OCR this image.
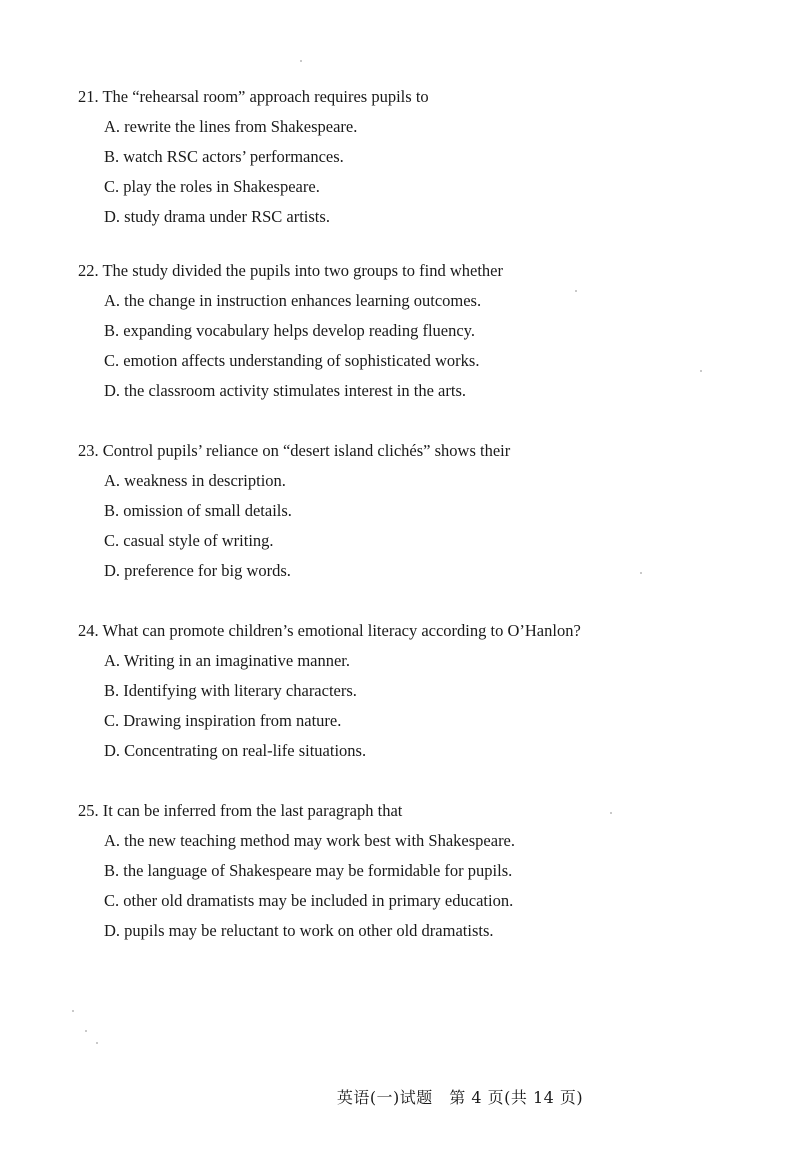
21. The “rehearsal room” approach requires pupils to
A. rewrite the lines from Shakespeare.
B. watch RSC actors’ performances.
C. play the roles in Shakespeare.
D. study drama under RSC artists.
22. The study divided the pupils into two groups to find whether
A. the change in instruction enhances learning outcomes.
B. expanding vocabulary helps develop reading fluency.
C. emotion affects understanding of sophisticated works.
D. the classroom activity stimulates interest in the arts.
23. Control pupils’ reliance on “desert island clichés” shows their
A. weakness in description.
B. omission of small details.
C. casual style of writing.
D. preference for big words.
24. What can promote children’s emotional literacy according to O’Hanlon?
A. Writing in an imaginative manner.
B. Identifying with literary characters.
C. Drawing inspiration from nature.
D. Concentrating on real-life situations.
25. It can be inferred from the last paragraph that
A. the new teaching method may work best with Shakespeare.
B. the language of Shakespeare may be formidable for pupils.
C. other old dramatists may be included in primary education.
D. pupils may be reluctant to work on other old dramatists.
英语(一)试题　第 4 页(共 14 页)
